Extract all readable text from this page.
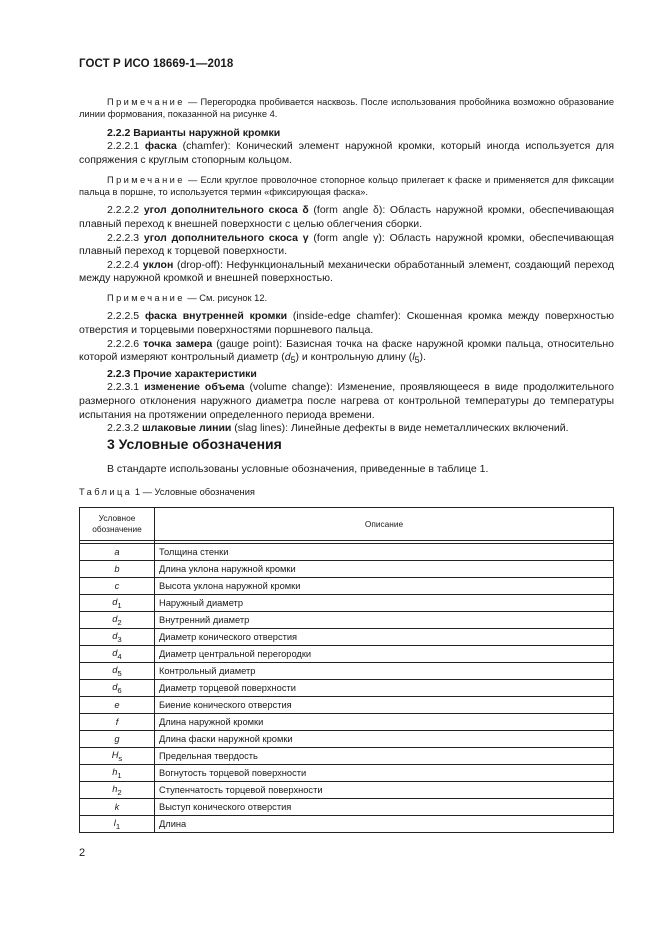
ГОСТ Р ИСО 18669-1—2018

Примечание — Перегородка пробивается насквозь. После использования пробойника возможно образование линии формования, показанной на рисунке 4.

2.2.2 Варианты наружной кромки

2.2.2.1 фаска (chamfer): Конический элемент наружной кромки, который иногда используется для сопряжения с круглым стопорным кольцом.

Примечание — Если круглое проволочное стопорное кольцо прилегает к фаске и применяется для фиксации пальца в поршне, то используется термин «фиксирующая фаска».

2.2.2.2 угол дополнительного скоса δ (form angle δ): Область наружной кромки, обеспечивающая плавный переход к внешней поверхности с целью облегчения сборки.

2.2.2.3 угол дополнительного скоса γ (form angle γ): Область наружной кромки, обеспечивающая плавный переход к торцевой поверхности.

2.2.2.4 уклон (drop-off): Нефункциональный механически обработанный элемент, создающий переход между наружной кромкой и внешней поверхностью.

Примечание — См. рисунок 12.

2.2.2.5 фаска внутренней кромки (inside-edge chamfer): Скошенная кромка между поверхностью отверстия и торцевыми поверхностями поршневого пальца.

2.2.2.6 точка замера (gauge point): Базисная точка на фаске наружной кромки пальца, относительно которой измеряют контрольный диаметр $(d_5)$ и контрольную длину $(l_5)$.

2.2.3 Прочие характеристики

2.2.3.1 изменение объема (volume change): Изменение, проявляющееся в виде продолжительного размерного отклонения наружного диаметра после нагрева от контрольной температуры до температуры испытания на протяжении определенного периода времени.

2.2.3.2 шлаковые линии (slag lines): Линейные дефекты в виде неметаллических включений.

3 Условные обозначения
В стандарте использованы условные обозначения, приведенные в таблице 1.
Таблица 1 — Условные обозначения
Условное обозначение	Описание

a	Толщина стенки
b	Длина уклона наружной кромки
c	Высота уклона наружной кромки
$d_1$	Наружный диаметр
$d_2$	Внутренний диаметр
$d_3$	Диаметр конического отверстия
$d_4$	Диаметр центральной перегородки
$d_5$	Контрольный диаметр
$d_6$	Диаметр торцевой поверхности
e	Биение конического отверстия
f	Длина наружной кромки
g	Длина фаски наружной кромки
$H_s$	Предельная твердость
$h_1$	Вогнутость торцевой поверхности
$h_2$	Ступенчатость торцевой поверхности
k	Выступ конического отверстия
$l_1$	Длина
2
